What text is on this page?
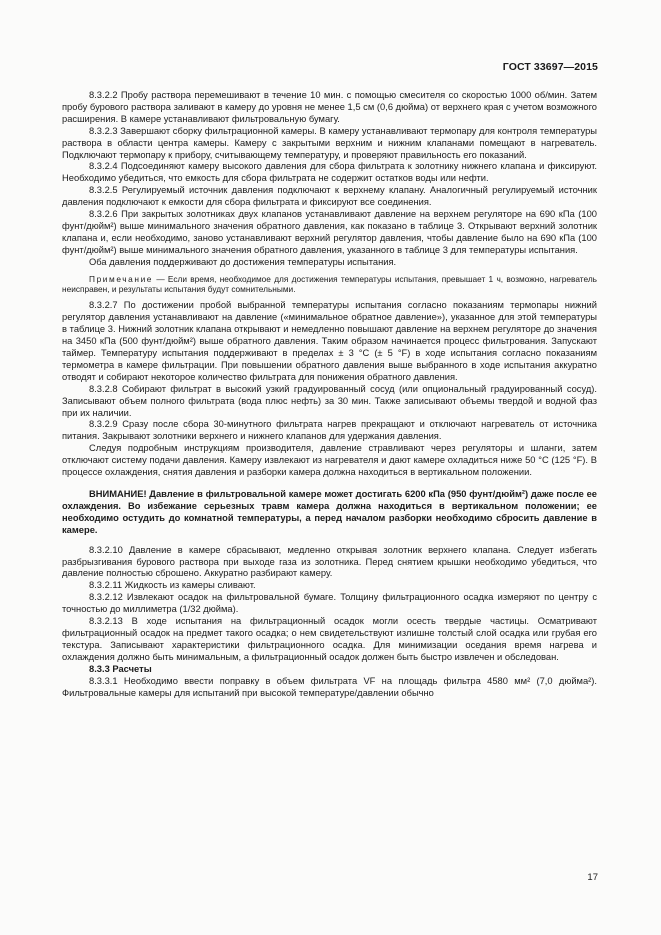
ГОСТ 33697—2015

8.3.2.2 Пробу раствора перемешивают в течение 10 мин. с помощью смесителя со скоростью 1000 об/мин. Затем пробу бурового раствора заливают в камеру до уровня не менее 1,5 см (0,6 дюйма) от верхнего края с учетом возможного расширения. В камере устанавливают фильтровальную бумагу.

8.3.2.3 Завершают сборку фильтрационной камеры. В камеру устанавливают термопару для контроля температуры раствора в области центра камеры. Камеру с закрытыми верхним и нижним клапанами помещают в нагреватель. Подключают термопару к прибору, считывающему температуру, и проверяют правильность его показаний.

8.3.2.4 Подсоединяют камеру высокого давления для сбора фильтрата к золотнику нижнего клапана и фиксируют. Необходимо убедиться, что емкость для сбора фильтрата не содержит остатков воды или нефти.

8.3.2.5 Регулируемый источник давления подключают к верхнему клапану. Аналогичный регулируемый источник давления подключают к емкости для сбора фильтрата и фиксируют все соединения.

8.3.2.6 При закрытых золотниках двух клапанов устанавливают давление на верхнем регуляторе на 690 кПа (100 фунт/дюйм²) выше минимального значения обратного давления, как показано в таблице 3. Открывают верхний золотник клапана и, если необходимо, заново устанавливают верхний регулятор давления, чтобы давление было на 690 кПа (100 фунт/дюйм²) выше минимального значения обратного давления, указанного в таблице 3 для температуры испытания.

Оба давления поддерживают до достижения температуры испытания.

Примечание — Если время, необходимое для достижения температуры испытания, превышает 1 ч, возможно, нагреватель неисправен, и результаты испытания будут сомнительными.

8.3.2.7 По достижении пробой выбранной температуры испытания согласно показаниям термопары нижний регулятор давления устанавливают на давление («минимальное обратное давление»), указанное для этой температуры в таблице 3. Нижний золотник клапана открывают и немедленно повышают давление на верхнем регуляторе до значения на 3450 кПа (500 фунт/дюйм²) выше обратного давления. Таким образом начинается процесс фильтрования. Запускают таймер. Температуру испытания поддерживают в пределах ± 3 °С (± 5 °F) в ходе испытания согласно показаниям термометра в камере фильтрации. При повышении обратного давления выше выбранного в ходе испытания аккуратно отводят и собирают некоторое количество фильтрата для понижения обратного давления.

8.3.2.8 Собирают фильтрат в высокий узкий градуированный сосуд (или опциональный градуированный сосуд). Записывают объем полного фильтрата (вода плюс нефть) за 30 мин. Также записывают объемы твердой и водной фаз при их наличии.

8.3.2.9 Сразу после сбора 30-минутного фильтрата нагрев прекращают и отключают нагреватель от источника питания. Закрывают золотники верхнего и нижнего клапанов для удержания давления.

Следуя подробным инструкциям производителя, давление стравливают через регуляторы и шланги, затем отключают систему подачи давления. Камеру извлекают из нагревателя и дают камере охладиться ниже 50 °С (125 °F). В процессе охлаждения, снятия давления и разборки камера должна находиться в вертикальном положении.

ВНИМАНИЕ! Давление в фильтровальной камере может достигать 6200 кПа (950 фунт/дюйм²) даже после ее охлаждения. Во избежание серьезных травм камера должна находиться в вертикальном положении; ее необходимо остудить до комнатной температуры, а перед началом разборки необходимо сбросить давление в камере.

8.3.2.10 Давление в камере сбрасывают, медленно открывая золотник верхнего клапана. Следует избегать разбрызгивания бурового раствора при выходе газа из золотника. Перед снятием крышки необходимо убедиться, что давление полностью сброшено. Аккуратно разбирают камеру.

8.3.2.11 Жидкость из камеры сливают.

8.3.2.12 Извлекают осадок на фильтровальной бумаге. Толщину фильтрационного осадка измеряют по центру с точностью до миллиметра (1/32 дюйма).

8.3.2.13 В ходе испытания на фильтрационный осадок могли осесть твердые частицы. Осматривают фильтрационный осадок на предмет такого осадка; о нем свидетельствуют излишне толстый слой осадка или грубая его текстура. Записывают характеристики фильтрационного осадка. Для минимизации оседания время нагрева и охлаждения должно быть минимальным, а фильтрационный осадок должен быть быстро извлечен и обследован.

8.3.3 Расчеты

8.3.3.1 Необходимо ввести поправку в объем фильтрата VF на площадь фильтра 4580 мм² (7,0 дюйма²). Фильтровальные камеры для испытаний при высокой температуре/давлении обычно

17
